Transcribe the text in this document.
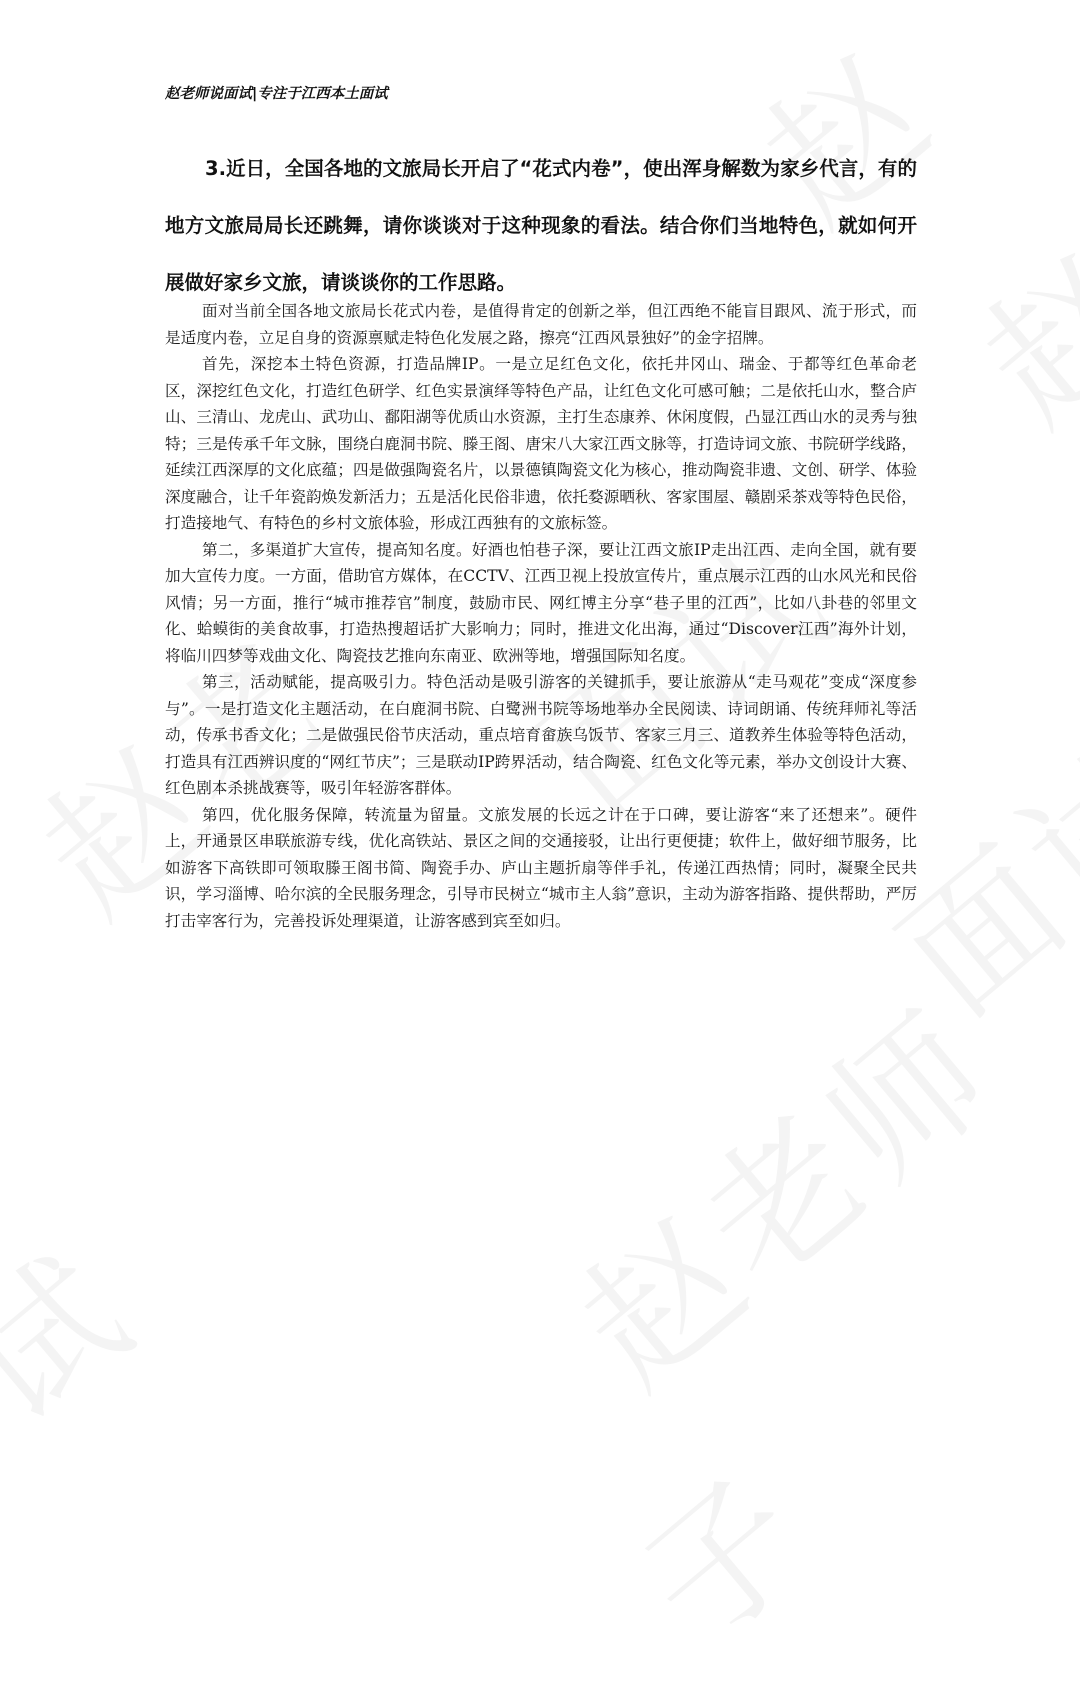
赵老师说面试|专注于江西本土面试

3.近日，全国各地的文旅局长开启了“花式内卷”，使出浑身解数为家乡代言，有的地方文旅局局长还跳舞，请你谈谈对于这种现象的看法。结合你们当地特色，就如何开展做好家乡文旅，请谈谈你的工作思路。

面对当前全国各地文旅局长花式内卷，是值得肯定的创新之举，但江西绝不能盲目跟风、流于形式，而是适度内卷，立足自身的资源禀赋走特色化发展之路，擦亮“江西风景独好”的金字招牌。

首先，深挖本土特色资源，打造品牌IP。一是立足红色文化，依托井冈山、瑞金、于都等红色革命老区，深挖红色文化，打造红色研学、红色实景演绎等特色产品，让红色文化可感可触；二是依托山水，整合庐山、三清山、龙虎山、武功山、鄱阳湖等优质山水资源，主打生态康养、休闲度假，凸显江西山水的灵秀与独特；三是传承千年文脉，围绕白鹿洞书院、滕王阁、唐宋八大家江西文脉等，打造诗词文旅、书院研学线路，延续江西深厚的文化底蕴；四是做强陶瓷名片，以景德镇陶瓷文化为核心，推动陶瓷非遗、文创、研学、体验深度融合，让千年瓷韵焕发新活力；五是活化民俗非遗，依托婺源晒秋、客家围屋、赣剧采茶戏等特色民俗，打造接地气、有特色的乡村文旅体验，形成江西独有的文旅标签。

第二，多渠道扩大宣传，提高知名度。好酒也怕巷子深，要让江西文旅IP走出江西、走向全国，就有要加大宣传力度。一方面，借助官方媒体，在CCTV、江西卫视上投放宣传片，重点展示江西的山水风光和民俗风情；另一方面，推行“城市推荐官”制度，鼓励市民、网红博主分享“巷子里的江西”，比如八卦巷的邻里文化、蛤蟆街的美食故事，打造热搜超话扩大影响力；同时，推进文化出海，通过“Discover江西”海外计划，将临川四梦等戏曲文化、陶瓷技艺推向东南亚、欧洲等地，增强国际知名度。

第三，活动赋能，提高吸引力。特色活动是吸引游客的关键抓手，要让旅游从“走马观花”变成“深度参与”。一是打造文化主题活动，在白鹿洞书院、白鹭洲书院等场地举办全民阅读、诗词朗诵、传统拜师礼等活动，传承书香文化；二是做强民俗节庆活动，重点培育畲族乌饭节、客家三月三、道教养生体验等特色活动，打造具有江西辨识度的“网红节庆”；三是联动IP跨界活动，结合陶瓷、红色文化等元素，举办文创设计大赛、红色剧本杀挑战赛等，吸引年轻游客群体。

第四，优化服务保障，转流量为留量。文旅发展的长远之计在于口碑，要让游客“来了还想来”。硬件上，开通景区串联旅游专线，优化高铁站、景区之间的交通接驳，让出行更便捷；软件上，做好细节服务，比如游客下高铁即可领取滕王阁书简、陶瓷手办、庐山主题折扇等伴手礼，传递江西热情；同时，凝聚全民共识，学习淄博、哈尔滨的全民服务理念，引导市民树立“城市主人翁”意识，主动为游客指路、提供帮助，严厉打击宰客行为，完善投诉处理渠道，让游客感到宾至如归。
